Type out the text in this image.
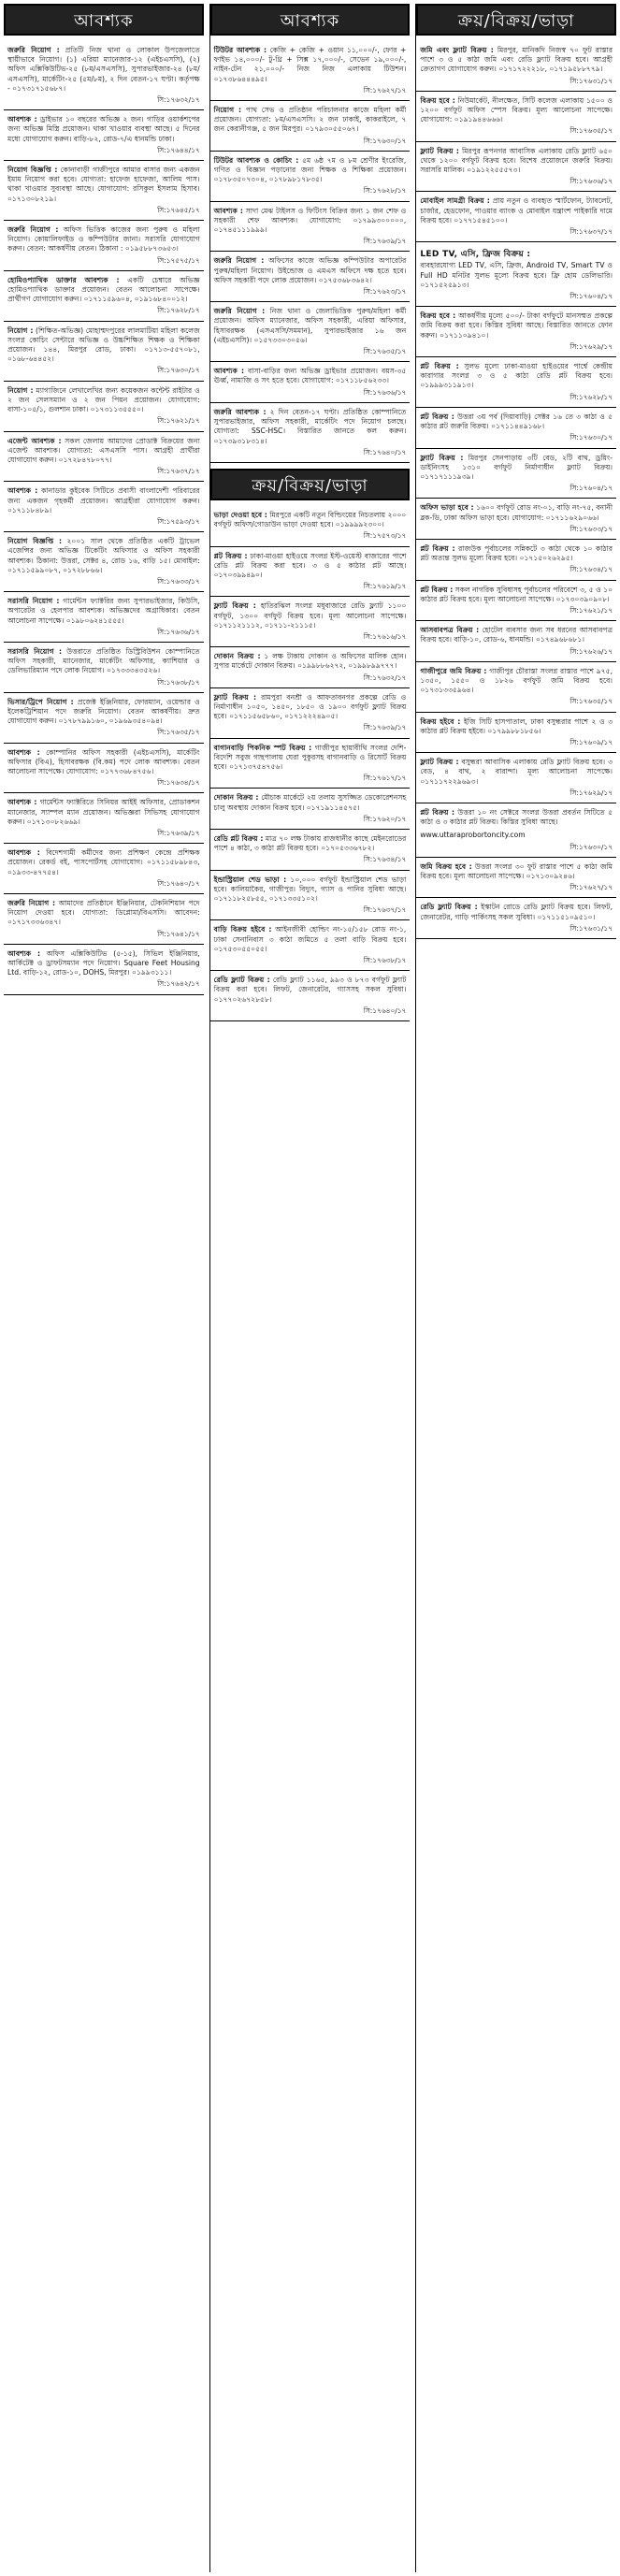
আবশ্যক
জরুরি নিয়োগ : প্রতিটি নিজ থানা ও লোকাল উপজেলাতে স্থায়ীভাবে নিয়োগ। (১) এরিয়া ম্যানেজার-১২ (এইচএসসি), (২) অফিস এক্সিকিউটিভ-২৫ (৮ম/এসএসসি), সুপারভাইজার-২৪ (৮ম/এসএসসি), মার্কেটিং-২৫ (৫ম/৮ম), ২ দিন বেতন-১৭ ঘণ্টা। কর্তৃপক্ষ - ০১৭৩১৭১৫৬৮৭।
সি:১৭৬৩২/১৭
আবশ্যক : ড্রাইভার ১০ বছরের অভিজ্ঞ ২ জন। গাড়ির ওয়ার্কশপের জন্য অভিজ্ঞ মিস্ত্রি প্রয়োজন। থাকা খাওয়ার ব্যবস্থা আছে। ৫ দিনের মধ্যে যোগাযোগ করুন। বাড়ি-৮২, রোড-৭/এ ধানমন্ডি ঢাকা।
সি:১৭৬৪৪/১৭
নিয়োগ বিজ্ঞপ্তি : কোনাবাড়ী গাজীপুরে আমার বাসার জন্য একজন ইমাম নিয়োগ করা হবে। যোগ্যতা: হাফেজ হাফেজা, আলিম পাস। থাকা খাওয়ার সুব্যবস্থা আছে। যোগাযোগ: রসিকুল ইসলাম হিসাব। ০১৭১৩০৮২১৯।
সি:১৭৬৪৫/১৭
জরুরি নিয়োগ : অফিস ভিত্তিক কাজের জন্য পুরুষ ও মহিলা নিয়োগ। কোয়ালিফাইড ও কম্পিউটার জানা। সরাসরি যোগাযোগ করুন। বেতন: আকর্ষণীয় বেতন। ঠিকানা : ০১৯৫৮৮৭৩৬৫৩।
সি:১৭৫৭৫/১৭
হোমিওপ্যাথিক ডাক্তার আবশ্যক : একটি চেম্বারে অভিজ্ঞ হোমিওপ্যাথিক ডাক্তার প্রয়োজন। বেতন আলোচনা সাপেক্ষে। প্রার্থীগণ যোগাযোগ করুন। ০১৭১১৫৯৬০৪, ০১৯১৬৮৪০০১২।
সি:১৭৬২৮/১৭
নিয়োগ : (শিক্ষিত-অভিজ্ঞ) মোহাম্মদপুরের লালমাটিয়া মহিলা কলেজ সংলগ্ন কোচিং সেন্টারে অভিজ্ঞ ও উচ্চশিক্ষিত শিক্ষক ও শিক্ষিকা প্রয়োজন। ১৪৪, মিরপুর রোড, ঢাকা। ০১৭১৩-৫৫৭০৮১, ০১৬৮-৬৪৪৫২।
সি:১৭৬৩০/১৭
নিয়োগ : ম্যাগাজিনে লেখালেখির জন্য কয়েকজন কন্টেন্ট রাইটার ও ২ জন সেলসম্যান ও ২ জন পিয়ন প্রয়োজন। যোগাযোগ: বাসা-১০৫/১, গুলশান ঢাকা। ০১৭৩১১৩৫৫৫০।
সি:১৭৬২১/১৭
এজেন্ট আবশ্যক : সকল জেলায় আমাদের প্রোডাক্ট বিক্রয়ের জন্য এজেন্ট আবশ্যক। যোগ্যতা: এসএসসি পাস। আগ্রহী প্রার্থীরা যোগাযোগ করুন। ০১৭২৮৪৭৮০৭৭।
সি:১৭৬৩৭/১৭
আবশ্যক : কানাডার কুইবেক সিটিতে প্রবাসী বাংলাদেশী পরিবারের জন্য একজন গৃহকর্মী প্রয়োজন। আগ্রহীরা যোগাযোগ করুন। ০১৭১১৮৪৮৯।
সি:১৭৫৯৩/১৭
নিয়োগ বিজ্ঞপ্তি : ২০০১ সাল থেকে প্রতিষ্ঠিত একটি ট্রাভেল এজেন্সির জন্য অভিজ্ঞ টিকেটিং অফিসার ও অফিস সহকারী আবশ্যক। ঠিকানা: উত্তরা, সেক্টর ৪, রোড ১৬, বাড়ি ১৫। মোবাইল: ০১৭১১৫৯৯০৮৭, ০১৭২৮৮৬৬।
সি:১৭৬৩৩/১৭
সরাসরি নিয়োগ : গার্মেন্টস ফ্যাক্টরির জন্য সুপারভাইজার, কিউসি, অপারেটর ও হেলপার আবশ্যক। অভিজ্ঞদের অগ্রাধিকার। বেতন আলোচনা সাপেক্ষে। ০১৯৮০৬২৪১৫৫৫।
সি:১৭৬৩৬/১৭
সরাসরি নিয়োগ : উত্তরাতে প্রতিষ্ঠিত ডিস্ট্রিবিউশন কোম্পানিতে অফিস সহকারী, ম্যানেজার, মার্কেটিং অফিসার, ক্যাশিয়ার ও ডেলিভারিম্যান পদে লোক নিয়োগ। ০১৭৩৩৩৪৩৫২৬।
সি:১৭৬৩৮/১৭
ভিসার/ট্রিপে নিয়োগ : প্রজেক্ট ইঞ্জিনিয়ার, ফোরম্যান, ওয়েল্ডার ও ইলেকট্রিশিয়ান পদে জরুরি নিয়োগ। বেতন আকর্ষণীয়। দ্রুত যোগাযোগ করুন। ০১৭৮৭৯৯১৬০, ০১৯৬৯৩৫৪০৯৪।
সি:১৭৬৩৫/১৭
আবশ্যক : কোম্পানির অফিস সহকারী (এইচএসসি), মার্কেটিং অফিসার (বিএ), হিসাবরক্ষক (বি.কম) পদে লোক আবশ্যক। বেতন আলোচনা সাপেক্ষে। যোগাযোগ: ০১৭৭৩৬৮৪৭৫৬।
সি:১৭৬৩৪/১৭
আবশ্যক : গার্মেন্টস ফ্যাক্টরিতে সিনিয়র আইই অফিসার, প্রোডাকশন ম্যানেজার, স্যাম্পল ম্যান প্রয়োজন। অভিজ্ঞরা সিভিসহ যোগাযোগ করুন। ০১৭১৩০৮২৬৬৯।
সি:১৭৬৩৯/১৭
আবশ্যক : বিদেশগামী কর্মীদের জন্য প্রশিক্ষণ কেন্দ্রে প্রশিক্ষক প্রয়োজন। রেকর্ড বই, পাসপোর্টসহ যোগাযোগ। ০১৭১১৫৮৯৮৪৩, ০১৯৩৩-৪৭৭৫৪।
সি:১৭৬৪০/১৭
জরুরি নিয়োগ : আমাদের প্রতিষ্ঠানে ইঞ্জিনিয়ার, টেকনিশিয়ান পদে নিয়োগ দেওয়া হবে। যোগ্যতা: ডিপ্লোমা/বিএসসি। আবেদন: ০১৭১৭৩৩৬৩৪৭।
সি:১৭৬৪১/১৭
আবশ্যক : অফিস এক্সিকিউটিভ (৫-১৫), সিভিল ইঞ্জিনিয়ার, আর্কিটেক্ট ও ড্রাফটসম্যান পদে নিয়োগ। Square Feet Housing Ltd. বাড়ি-১২, রোড-১০, DOHS, মিরপুর। ০১৯৯৩১১১।
সি:১৭৬৪২/১৭
আবশ্যক
টিউটর আবশ্যক : কেজি + কেজি + ওয়ান ১১,০০০/-, ফোর + ফাইভ ১৪,০০০/- টু-থ্রি + সিক্স ১৭,০০০/-, সেভেন ১৯,০০০/-, নাইন-টেন ২১,০০০/- নিজ নিজ এলাকায় টিউশন। ০১৭৩৮৬৪৪৪৯৫।
সি:১৭৬২৭/১৭
নিয়োগ : পাথ সেভ ও প্রতিষ্ঠান পরিচালনার কাজে মহিলা কর্মী প্রয়োজন। যোগ্যতা: ৮ম/এসএসসি। ২ জন ঢাকাই, কাকরাইলে, ৭ জন কেরানীগঞ্জ, ৫ জন মিরপুর। ০১৭৯৩০৫৫০৬৭।
সি:১৭৬৩০/১৭
টিউটর আবশ্যক ও কোচিং : ৫ম ৬ষ্ঠ ৭ম ও ৮ম শ্রেণীর ইংরেজি, গণিত ও বিজ্ঞান পড়ানোর জন্য শিক্ষক ও শিক্ষিকা প্রয়োজন। ০১৭৮৩৫০৭৩০৪, ০১৭৮৯৮১৭৮৩৫।
সি:১৭৬২৮/১৭
আবশ্যক : সাদা মেঝ টাইলস ও ফিটিংস বিক্রির জন্য ১ জন শেফ ও সহকারী শেফ আবশ্যক। যোগাযোগ: ০১৭৯৯৩০০০০০, ০১৭৪৫১১১৯৯৯।
সি:১৭৬৩৯/১৭
জরুরি নিয়োগ : অফিসের কাজে অভিজ্ঞ কম্পিউটার অপারেটর পুরুষ/মহিলা নিয়োগ। উইন্ডোজ ও এমএস অফিসে দক্ষ হতে হবে। অফিস সহকারী পদে লোক প্রয়োজন। ০১৭৫৩৬৮৩৬৪২।
সি:১৭৬২৩/১৭
জরুরি নিয়োগ : নিজ থানা ও জেলাভিত্তিক পুরুষ/মহিলা কর্মী প্রয়োজন। অফিস ম্যানেজার, অফিস সহকারী, এরিয়া অফিসার, হিসাবরক্ষক (এসএসসি/সমমান), সুপারভাইজার ১৬ জন (এইচএসসি)। ০১৫৭৩৩০৩০৫৬।
সি:১৭৬৩৫/১৭
আবশ্যক : বাসা-বাড়ির জন্য অভিজ্ঞ ড্রাইভার প্রয়োজন। বয়স-৩৫ ঊর্ধ্ব, নামাজি ও সৎ হতে হবে। যোগাযোগ: ০১৭১১৮৫৬২৩৩।
সি:১৭৬৩৬/১৭
জরুরি আবশ্যক : ২ দিন বেতন-১৭ ঘণ্টা। প্রতিষ্ঠিত কোম্পানিতে সুপারভাইজার, অফিস সহকারী, মার্কেটিং পদে নিয়োগ চলছে। যোগ্যতা: SSC-HSC। বিস্তারিত জানতে কল করুন। ০১৭৩৯৩১৮৩১৪।
সি:১৭৬৪০/১৭
ক্রয়/বিক্রয়/ভাড়া
ভাড়া দেওয়া হবে : মিরপুরে একটি নতুন বিল্ডিংয়ের নিচতলায় ২০০০ বর্গফুট অফিস/গোডাউন ভাড়া দেওয়া হবে। ০১৯৯৯৯২৩০০।
সি:১৭৫৭৩/১৭
প্লট বিক্রয় : ঢাকা-মাওয়া হাইওয়ে সংলগ্ন ইস্ট-ওয়েস্ট বাজারের পাশে রেডি প্লট বিক্রয় করা হবে। ৩ ও ৫ কাঠার প্লট আছে। ০১৭০৩৯৯৪৯০।
সি:১৭৬১৯/১৭
ফ্ল্যাট বিক্রয় : হাতিরঝিল সংলগ্ন মধুবাজারে রেডি ফ্ল্যাট ১১০০ বর্গফুট, ১৩০০ বর্গফুট বিক্রয় হবে। মূল্য আলোচনা সাপেক্ষে। ০১৭১১২১১১২, ০১৭১১-২১১১৫।
সি:১৭৬১৬/১৭
দোকান বিক্রয় : ১ লক্ষ টাকায় দোকান ও অফিসের মালিক হোন। সুপার মার্কেটে দোকান বিক্রয়। ০১৯৯৮৮৬২৭২, ০১৯৯৮৯৯৭৭৭।
সি:১৭৬৩২/১৭
ফ্ল্যাট বিক্রয় : রামপুরা বনশ্রী ও আফতাবনগর প্রকল্পে রেডি ও নির্মাণাধীন ১০৫০, ১৪৫০, ১৮৫০ ও ১৯০০ বর্গফুট ফ্ল্যাট বিক্রয় হবে। ০১৭১১৫৬৫৮৬০, ০১৭১২২২৪৯০৫।
সি:১৭৬৩৯/১৭
বাগানবাড়ি পিকনিক স্পট বিক্রয় : গাজীপুর ছায়াবীথি সংলগ্ন দেশি-বিদেশি সবুজ গাছপালায় ঘেরা পুকুরসহ বাগানবাড়ি ও রিসোর্ট বিক্রয় হবে। ০১৭১৩৭৫৪৭৫৬।
সি:১৭৬১৭/১৭
দোকান বিক্রয় : মৌচাক মার্কেটে ২য় তলায় সুসজ্জিত ডেকোরেশনসহ চালু অবস্থায় দোকান বিক্রয় হবে। ০১৭১৯১১৪৫৭৫।
সি:১৭৬২০/১৭
রেডি প্লট বিক্রয় : মাত্র ৭০ লক্ষ টাকায় রাজধানীর কাছে মেইনরোডের পাশে ৪ কাঠা, ৩ কাঠা প্লট বিক্রয় হবে। ০১৭০৫৩৩৬৭৮২।
সি:১৭৬৩৪/১৭
ইন্ডাস্ট্রিয়াল শেড ভাড়া : ১০,০০০ বর্গফুট ইন্ডাস্ট্রিয়াল শেড ভাড়া হবে। কালিয়াকৈর, গাজীপুর। বিদ্যুৎ, গ্যাস ও পানির সুবিধা আছে। ০১৭১১৮২৫৮৫৫, ০১৭১৩৩৫১০২।
সি:১৭৬৩৭/১৭
বাড়ি বিক্রয় হইবে : আইনজীবী হোল্ডিং নং-১৫/১৫৮ রোড নং-১, ঢাকা সেনানিবাস ৩ কাঠা জমিতে ৫ তলা বাড়ি বিক্রয় হবে। ০১৭৫৩০৫৫০৫৫।
সি:১৭৬৩৮/১৭
রেডি ফ্ল্যাট বিক্রয় : রেডি ফ্ল্যাট ১১৬৫, ৯৯৩ ও ৮৭৩ বর্গফুট ফ্ল্যাট বিক্রয় করা হবে। লিফট, জেনারেটর, গ্যাসসহ সকল সুবিধা। ০১৭৭০২৬৭২৮৫৮।
সি:১৭৬৪০/১৭
ক্রয়/বিক্রয়/ভাড়া
জমি এবং ফ্ল্যাট বিক্রয় : মিরপুর, মানিকদি নিজস্ব ৭০ ফুট রাস্তার পাশে ৩ ও ৫ কাঠা জমি এবং রেডি ফ্ল্যাট বিক্রয় হবে। আগ্রহী ক্রেতাগণ যোগাযোগ করুন। ০১৭১৭২২২১৮, ০১৭১৯৫৮৮৭৭৯।
সি:১৭৬৩১/১৭
বিক্রয় হবে : নিউমার্কেট, নীলক্ষেত, সিটি কলেজ এলাকায় ১৫০০ ও ১২০০ বর্গফুট অফিস স্পেস বিক্রয়। মূল্য আলোচনা সাপেক্ষে। যোগাযোগ: ০১৯১৯৪৪৬৬৬।
সি:১৭৬৩৫/১৭
ফ্ল্যাট বিক্রয় : মিরপুর রূপনগর আবাসিক এলাকায় রেডি ফ্ল্যাট ৬৫০ থেকে ১২০০ বর্গফুট বিক্রয় হবে। বিশেষ প্রয়োজনে জরুরি বিক্রয়। সরাসরি মালিক। ০১৯১২২৫৫৫৭৩।
সি:১৭৬৩৬/১৭
মোবাইল সামগ্রী বিক্রয় : প্রায় নতুন ও ব্যবহৃত স্মার্টফোন, ট্যাবলেট, চার্জার, হেডফোন, পাওয়ার ব্যাংক ও মোবাইল যন্ত্রাংশ পাইকারি দামে বিক্রয় হবে। ০১৭৭১৫৪৫১০০।
সি:১৭৬৩৭/১৭
LED TV, এসি, ফ্রিজ বিক্রয় :
ব্যবহারযোগ্য LED TV, এসি, ফ্রিজ, Android TV, Smart TV ও Full HD মনিটর সুলভ মূল্যে বিক্রয় হবে। ফ্রি হোম ডেলিভারি। ০১৭১৫২৫৯১৩।
সি:১৭৬০৪/১৭
বিক্রয় হবে : আকর্ষণীয় মূল্যে ৫০০/- টাকা বর্গফুটে মানসম্মত প্রকল্পে জমি বিক্রয় করা হবে। কিস্তির সুবিধা আছে। বিস্তারিত জানতে ফোন করুন। ০১৭১১০৯৪১০।
সি:১৭৬২৯/১৭
প্লট বিক্রয় : সুলভ মূল্যে ঢাকা-মাওয়া হাইওয়ের পার্শ্বে কেন্দ্রীয় কারাগার সংলগ্ন ৩ ও ৫ কাঠা রেডি প্লট বিক্রয় হবে। ০১৯৯৯৩১১৯১৩।
সি:১৭৬২৮/১৭
প্লট বিক্রয় : উত্তরা ৩য় পর্ব (দিয়াবাড়ি) সেক্টর ১৬ তে ৩ কাঠা ও ৫ কাঠার প্লট জরুরি বিক্রয়। ০১৭১১৪৪৯১৬৮।
সি:১৭৬৩০/১৭
ফ্ল্যাট বিক্রয় : মিরপুর সেনপাড়ায় ৩টি বেড, ২টি বাথ, ড্রয়িং-ডাইনিংসহ ১৩১০ বর্গফুট নির্মাণাধীন ফ্ল্যাট বিক্রয়। ০১৭১৭১১১৯৩৯।
সি:১৭৬০৪/১৭
অফিস ভাড়া হবে : ১৬০০ বর্গফুট রোড নং-০১, বাড়ি নং-৭৫, বনানী ব্লক-ডি, ঢাকা অফিস ভাড়া হবে। যোগাযোগ: ০১৭১১৬২৯০৬৬।
সি:১৭৬৩৩/১৭
প্লট বিক্রয় : রাজউক পূর্বাচলের সন্নিকটে ৩ কাঠা থেকে ১০ কাঠার প্লট অত্যন্ত সুলভ মূল্যে বিক্রয় হবে। ০১৭১৫০২৬২৯৫।
সি:১৭৬৩৪/১৭
প্লট বিক্রয় : সকল নাগরিক সুবিধাসহ পূর্বাচলের পরিবেশে ৩, ৫ ও ১০ কাঠার প্লট বিক্রয় হবে। মূল্য আলোচনা সাপেক্ষে। ০১৭৩০৩৯০৯০৮।
সি:১৭৬২১/১৭
আসবাবপত্র বিক্রয় : হোটেল ব্যবসার জন্য সব ধরনের আসবাবপত্র বিক্রয় হবে। বাড়ি-১০, রোড-৬, ধানমন্ডি। ০১৭৪৯৬৮৬৮১।
সি:১৭৬২৬/১৭
গাজীপুরে জমি বিক্রয় : গাজীপুর চৌরাস্তা সংলগ্ন রাস্তার পাশে ৯৭৫, ১৩৫০, ১৫৫০ ও ১৮২৬ বর্গফুট জমি বিক্রয় হবে। ০১৭৩১৩৩৫৯৬৪।
সি:১৭৬৩৫/১৭
বিক্রয় হইবে : ইজি সিটি হাসপাতাল, ঢাকা বসুন্ধরার পাশে ২ ও ৩ কাঠার প্লট বিক্রয় হইবে। ০১৭৯৯৮৮১৮৫৬।
সি:১৭৬০৯/১৭
ফ্ল্যাট বিক্রয় : বসুন্ধরা আবাসিক এলাকায় রেডি ফ্ল্যাট বিক্রয় হবে। ৩ বেড, ৪ বাথ, ২ বারান্দা। মূল্য আলোচনা সাপেক্ষে। ০১৭১১৭২২৯৬৯৩।
সি:১৭৬২৯/১৭
প্লট বিক্রয় : উত্তরা ১০ নং সেক্টরে সংলগ্ন উত্তরা প্রবর্তন সিটিতে ৫ কাঠা ও ৩ কাঠার প্লট বিক্রয়। কিস্তির সুবিধা আছে।
www.uttaraprobortoncity.com
সি:১৭৬৩০/১৭
জমি বিক্রয় হবে : উত্তরা সংলগ্ন ৩০ ফুট রাস্তার পাশে ৫ কাঠা জমি বিক্রয় হবে। মূল্য আলোচনা সাপেক্ষে। ০১৭১৩০৯২৪৬।
সি:১৭৬২৭/১৭
রেডি ফ্ল্যাট বিক্রয় : ইস্কাটন রোডে রেডি ফ্ল্যাট বিক্রয় হবে। লিফট, জেনারেটর, গাড়ি পার্কিংসহ সকল সুবিধা। ০১৭১১৫১০৯৫১০।
সি:১৭৬৩১/১৭
